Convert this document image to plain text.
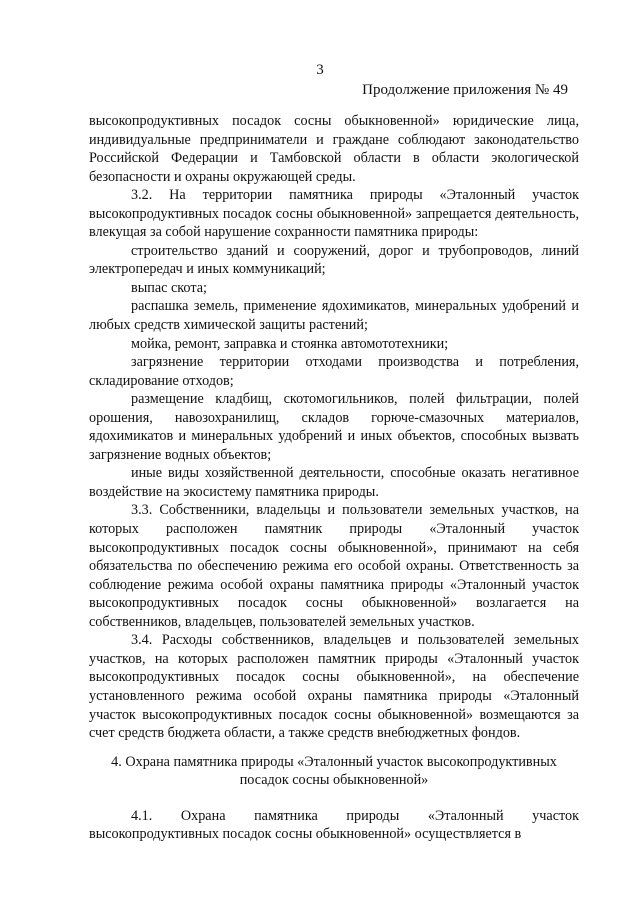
3
Продолжение приложения № 49

высокопродуктивных посадок сосны обыкновенной» юридические лица, индивидуальные предприниматели и граждане соблюдают законодательство Российской Федерации и Тамбовской области в области экологической безопасности и охраны окружающей среды.

3.2. На территории памятника природы «Эталонный участок высокопродуктивных посадок сосны обыкновенной» запрещается деятельность, влекущая за собой нарушение сохранности памятника природы:

строительство зданий и сооружений, дорог и трубопроводов, линий электропередач и иных коммуникаций;

выпас скота;

распашка земель, применение ядохимикатов, минеральных удобрений и любых средств химической защиты растений;

мойка, ремонт, заправка и стоянка автомототехники;

загрязнение территории отходами производства и потребления, складирование отходов;

размещение кладбищ, скотомогильников, полей фильтрации, полей орошения, навозохранилищ, складов горюче-смазочных материалов, ядохимикатов и минеральных удобрений и иных объектов, способных вызвать загрязнение водных объектов;

иные виды хозяйственной деятельности, способные оказать негативное воздействие на экосистему памятника природы.

3.3. Собственники, владельцы и пользователи земельных участков, на которых расположен памятник природы «Эталонный участок высокопродуктивных посадок сосны обыкновенной», принимают на себя обязательства по обеспечению режима его особой охраны. Ответственность за соблюдение режима особой охраны памятника природы «Эталонный участок высокопродуктивных посадок сосны обыкновенной» возлагается на собственников, владельцев, пользователей земельных участков.

3.4. Расходы собственников, владельцев и пользователей земельных участков, на которых расположен памятник природы «Эталонный участок высокопродуктивных посадок сосны обыкновенной», на обеспечение установленного режима особой охраны памятника природы «Эталонный участок высокопродуктивных посадок сосны обыкновенной» возмещаются за счет средств бюджета области, а также средств внебюджетных фондов.

4. Охрана памятника природы «Эталонный участок высокопродуктивных
посадок сосны обыкновенной»

4.1. Охрана памятника природы «Эталонный участок высокопродуктивных посадок сосны обыкновенной» осуществляется в
